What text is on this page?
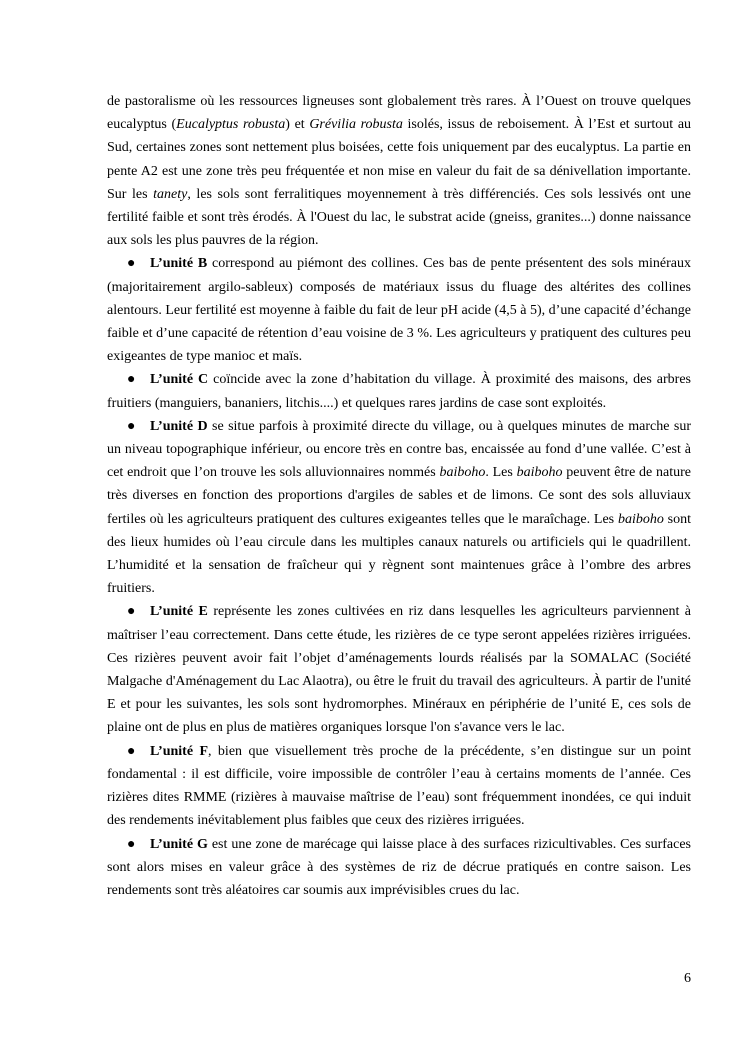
de pastoralisme où les ressources ligneuses sont globalement très rares. À l’Ouest on trouve quelques eucalyptus (Eucalyptus robusta) et Grévilia robusta isolés, issus de reboisement. À l’Est et surtout au Sud, certaines zones sont nettement plus boisées, cette fois uniquement par des eucalyptus. La partie en pente A2 est une zone très peu fréquentée et non mise en valeur du fait de sa dénivellation importante. Sur les tanety, les sols sont ferralitiques moyennement à très différenciés. Ces sols lessivés ont une fertilité faible et sont très érodés. À l'Ouest du lac, le substrat acide (gneiss, granites...) donne naissance aux sols les plus pauvres de la région.

● L’unité B correspond au piémont des collines. Ces bas de pente présentent des sols minéraux (majoritairement argilo-sableux) composés de matériaux issus du fluage des altérites des collines alentours. Leur fertilité est moyenne à faible du fait de leur pH acide (4,5 à 5), d’une capacité d’échange faible et d’une capacité de rétention d’eau voisine de 3 %. Les agriculteurs y pratiquent des cultures peu exigeantes de type manioc et maïs.

● L’unité C coïncide avec la zone d’habitation du village. À proximité des maisons, des arbres fruitiers (manguiers, bananiers, litchis....) et quelques rares jardins de case sont exploités.

● L’unité D se situe parfois à proximité directe du village, ou à quelques minutes de marche sur un niveau topographique inférieur, ou encore très en contre bas, encaissée au fond d’une vallée. C’est à cet endroit que l’on trouve les sols alluvionnaires nommés baiboho. Les baiboho peuvent être de nature très diverses en fonction des proportions d'argiles de sables et de limons. Ce sont des sols alluviaux fertiles où les agriculteurs pratiquent des cultures exigeantes telles que le maraîchage. Les baiboho sont des lieux humides où l’eau circule dans les multiples canaux naturels ou artificiels qui le quadrillent. L’humidité et la sensation de fraîcheur qui y règnent sont maintenues grâce à l’ombre des arbres fruitiers.

● L’unité E représente les zones cultivées en riz dans lesquelles les agriculteurs parviennent à maîtriser l’eau correctement. Dans cette étude, les rizières de ce type seront appelées rizières irriguées. Ces rizières peuvent avoir fait l’objet d’aménagements lourds réalisés par la SOMALAC (Société Malgache d'Aménagement du Lac Alaotra), ou être le fruit du travail des agriculteurs. À partir de l'unité E et pour les suivantes, les sols sont hydromorphes. Minéraux en périphérie de l’unité E, ces sols de plaine ont de plus en plus de matières organiques lorsque l'on s'avance vers le lac.

● L’unité F, bien que visuellement très proche de la précédente, s’en distingue sur un point fondamental : il est difficile, voire impossible de contrôler l’eau à certains moments de l’année. Ces rizières dites RMME (rizières à mauvaise maîtrise de l’eau) sont fréquemment inondées, ce qui induit des rendements inévitablement plus faibles que ceux des rizières irriguées.

● L’unité G est une zone de marécage qui laisse place à des surfaces rizicultivables. Ces surfaces sont alors mises en valeur grâce à des systèmes de riz de décrue pratiqués en contre saison. Les rendements sont très aléatoires car soumis aux imprévisibles crues du lac.

6
